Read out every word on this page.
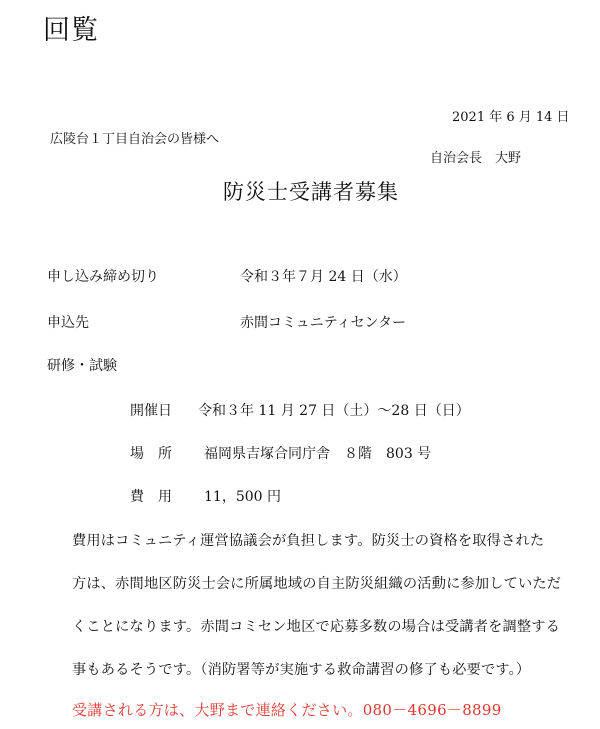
回覧
2021 年 6 月 14 日
広陵台１丁目自治会の皆様へ
自治会長　大野
防災士受講者募集
申し込み締め切り	令和３年７月 24 日（水）
申込先	赤間コミュニティセンター
研修・試験
開催日 令和３年 11 月 27 日（土）～28 日（日）
場　所 福岡県吉塚合同庁舎　８階　803 号
費　用 11，500 円
費用はコミュニティ運営協議会が負担します。防災士の資格を取得された
方は、赤間地区防災士会に所属地域の自主防災組織の活動に参加していただ
くことになります。赤間コミセン地区で応募多数の場合は受講者を調整する
事もあるそうです。（消防署等が実施する救命講習の修了も必要です。）
受講される方は、大野まで連絡ください。080－4696－8899
